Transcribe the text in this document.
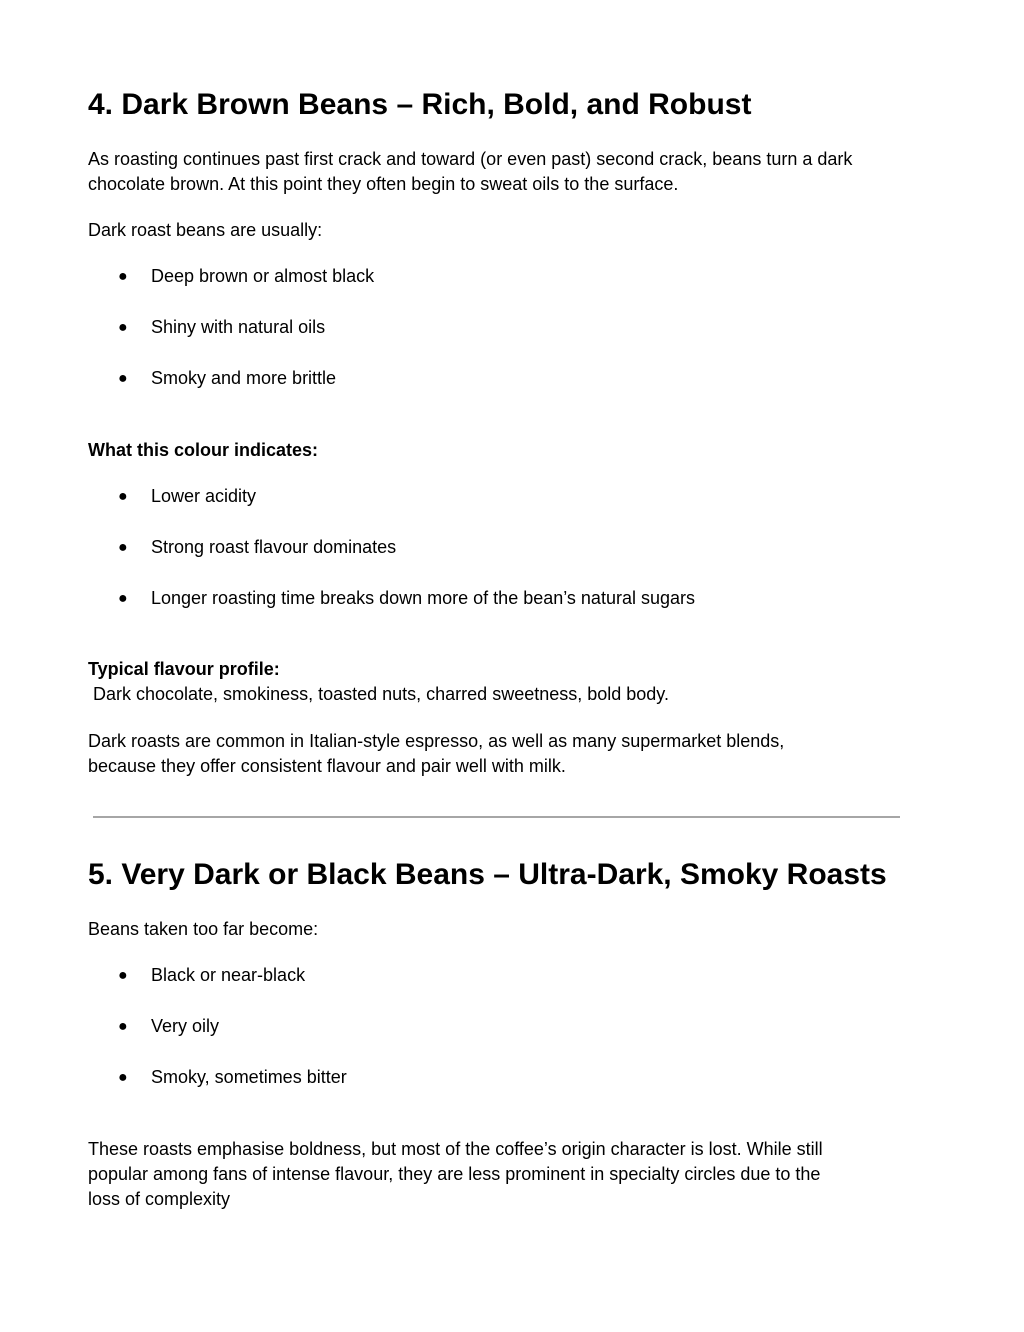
4. Dark Brown Beans – Rich, Bold, and Robust

As roasting continues past first crack and toward (or even past) second crack, beans turn a dark

chocolate brown. At this point they often begin to sweat oils to the surface.

Dark roast beans are usually:

● Deep brown or almost black
● Shiny with natural oils
● Smoky and more brittle

What this colour indicates:

● Lower acidity
● Strong roast flavour dominates
● Longer roasting time breaks down more of the bean’s natural sugars

Typical flavour profile:

Dark chocolate, smokiness, toasted nuts, charred sweetness, bold body.

Dark roasts are common in Italian-style espresso, as well as many supermarket blends,

because they offer consistent flavour and pair well with milk.

5. Very Dark or Black Beans – Ultra-Dark, Smoky Roasts

Beans taken too far become:

● Black or near-black
● Very oily
● Smoky, sometimes bitter

These roasts emphasise boldness, but most of the coffee’s origin character is lost. While still

popular among fans of intense flavour, they are less prominent in specialty circles due to the

loss of complexity
